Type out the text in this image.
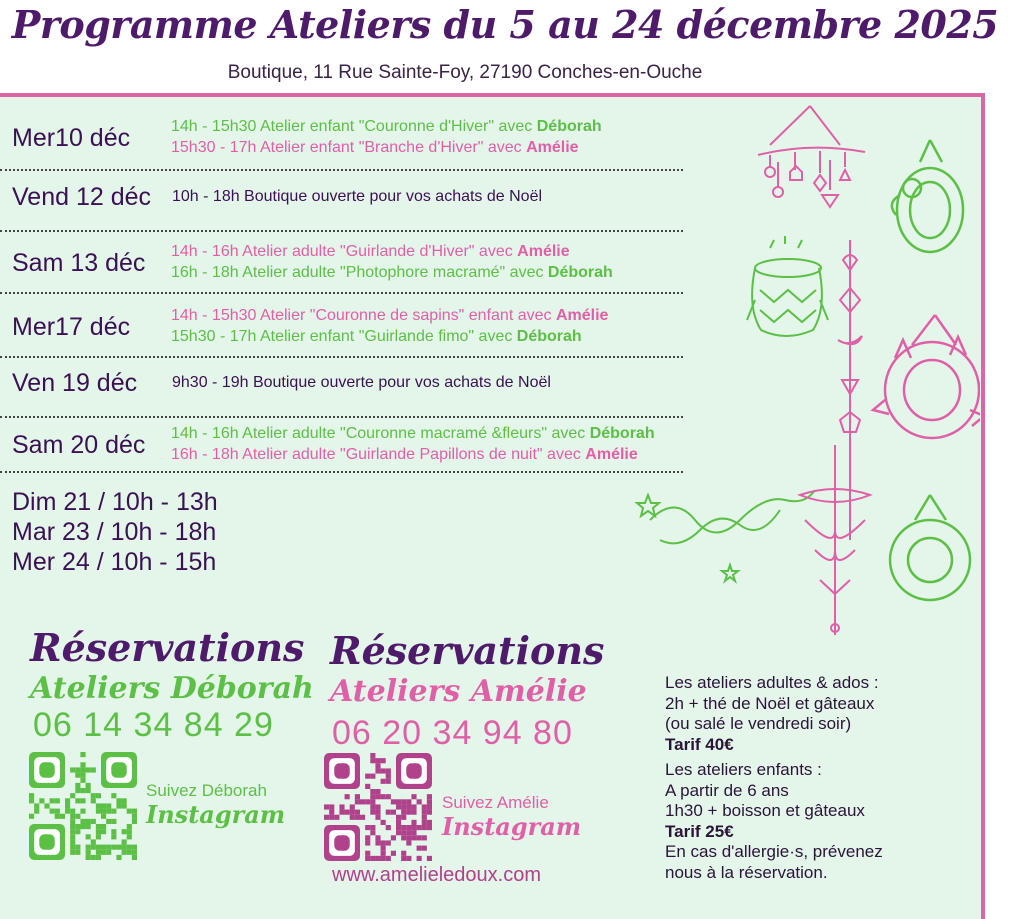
Programme Ateliers du 5 au 24 décembre 2025
Boutique, 11 Rue Sainte-Foy, 27190 Conches-en-Ouche
Mer10 déc	14h - 15h30 Atelier enfant "Couronne d'Hiver" avec Déborah
15h30 - 17h Atelier enfant "Branche d'Hiver" avec Amélie
Vend 12 déc 10h - 18h Boutique ouverte pour vos achats de Noël
Sam 13 déc 14h - 16h Atelier adulte "Guirlande d'Hiver" avec Amélie
16h - 18h Atelier adulte "Photophore macramé" avec Déborah
Mer17 déc	14h - 15h30 Atelier "Couronne de sapins" enfant avec Amélie
15h30 - 17h Atelier enfant "Guirlande fimo" avec Déborah
Ven 19 déc 9h30 - 19h Boutique ouverte pour vos achats de Noël
Sam 20 déc 14h - 16h Atelier adulte "Couronne macramé &fleurs" avec Déborah
16h - 18h Atelier adulte "Guirlande Papillons de nuit" avec Amélie
Dim 21 / 10h - 13h
Mar 23 / 10h - 18h
Mer 24 / 10h - 15h
Réservations
Ateliers Déborah
06 14 34 84 29
Suivez Déborah
Instagram
Réservations
Ateliers Amélie
06 20 34 94 80
Suivez Amélie
Instagram
www.amelieledoux.com
Les ateliers adultes & ados :
2h + thé de Noël et gâteaux
(ou salé le vendredi soir)
Tarif 40€
Les ateliers enfants :
A partir de 6 ans
1h30 + boisson et gâteaux
Tarif 25€
En cas d'allergie·s, prévenez
nous à la réservation.
